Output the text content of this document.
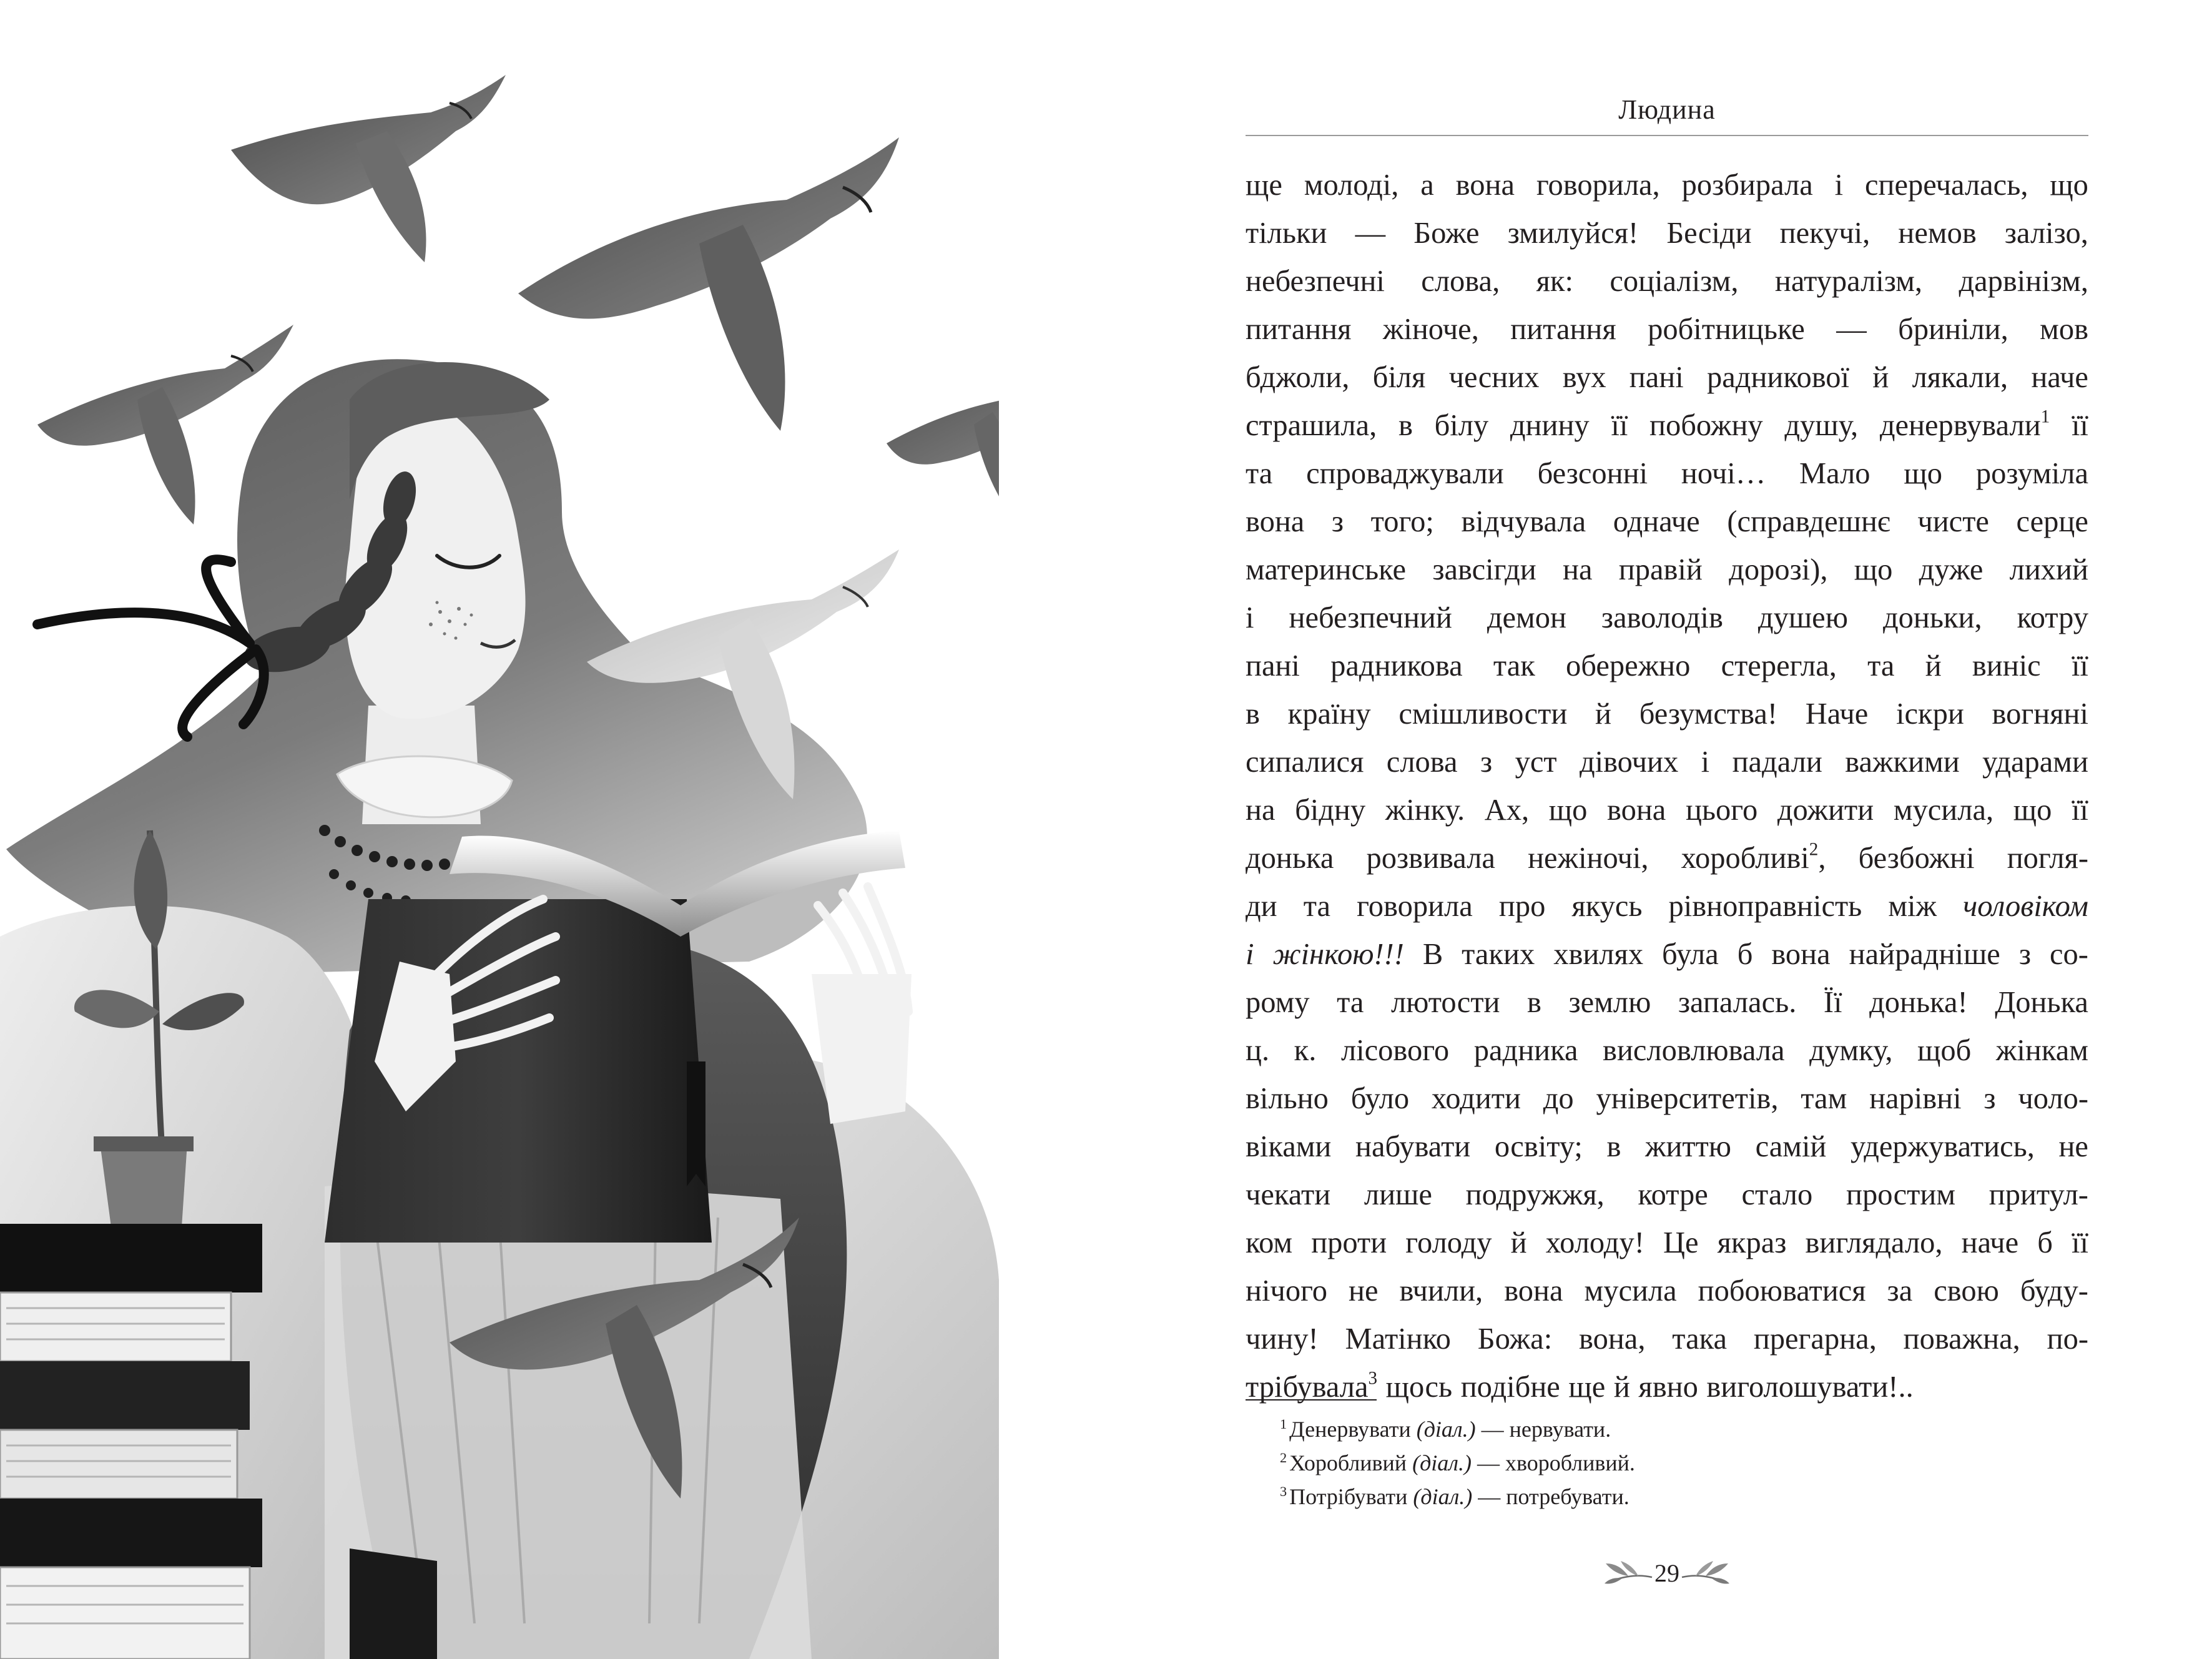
Людина
ще молоді, а вона говорила, розбирала і сперечалась, що
тільки — Боже змилуйся! Бесіди пекучі, немов залізо,
небезпечні слова, як: соціалізм, натуралізм, дарвінізм,
питання жіноче, питання робітницьке — бриніли, мов
бджоли, біля чесних вух пані радникової й лякали, наче
страшила, в білу днину її побожну душу, денервували$^1$ її
та спроваджували безсонні ночі… Мало що розуміла
вона з того; відчувала одначе (справдешнє чисте серце
материнське завсігди на правій дорозі), що дуже лихий
і небезпечний демон заволодів душею доньки, котру
пані радникова так обережно стерегла, та й виніс її
в країну смішливости й безумства! Наче іскри вогняні
сипалися слова з уст дівочих і падали важкими ударами
на бідну жінку. Ах, що вона цього дожити мусила, що її
донька розвивала нежіночі, хоробливі$^2$, безбожні погля-
ди та говорила про якусь рівноправність між чоловіком
і жінкою!!! В таких хвилях була б вона найрадніше з со-
рому та лютости в землю запалась. Її донька! Донька
ц. к. лісового радника висловлювала думку, щоб жінкам
вільно було ходити до університетів, там нарівні з чоло-
віками набувати освіту; в життю самій удержуватись, не
чекати лише подружжя, котре стало простим притул-
ком проти голоду й холоду! Це якраз виглядало, наче б її
нічого не вчили, вона мусила побоюватися за свою буду-
чину! Матінко Божа: вона, така прегарна, поважна, по-
трібувала$^3$ щось подібне ще й явно виголошувати!..
$^1$ Денервувати (діал.) — нервувати.
$^2$ Хоробливий (діал.) — хворобливий.
$^3$ Потрібувати (діал.) — потребувати.
29
